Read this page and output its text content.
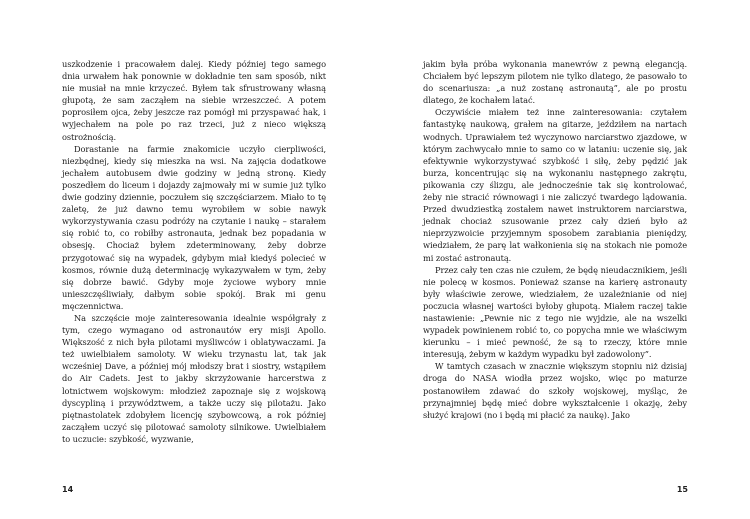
uszkodzenie i pracowałem dalej. Kiedy później tego samego dnia urwałem hak ponownie w dokładnie ten sam sposób, nikt nie musiał na mnie krzyczeć. Byłem tak sfrustrowany własną głupotą, że sam zacząłem na siebie wrzeszczeć. A potem poprosiłem ojca, żeby jeszcze raz pomógł mi przyspawać hak, i wyjechałem na pole po raz trzeci, już z nieco większą ostrożnością.

Dorastanie na farmie znakomicie uczyło cierpliwości, niezbędnej, kiedy się mieszka na wsi. Na zajęcia dodatkowe jechałem autobusem dwie godziny w jedną stronę. Kiedy poszedłem do liceum i dojazdy zajmowały mi w sumie już tylko dwie godziny dziennie, poczułem się szczęściarzem. Miało to tę zaletę, że już dawno temu wyrobiłem w sobie nawyk wykorzystywania czasu podróży na czytanie i naukę – starałem się robić to, co robiłby astronauta, jednak bez popadania w obsesję. Chociaż byłem zdeterminowany, żeby dobrze przygotować się na wypadek, gdybym miał kiedyś polecieć w kosmos, równie dużą determinację wykazywałem w tym, żeby się dobrze bawić. Gdyby moje życiowe wybory mnie unieszczęśliwiały, dałbym sobie spokój. Brak mi genu męczennictwa.

Na szczęście moje zainteresowania idealnie współgrały z tym, czego wymagano od astronautów ery misji Apollo. Większość z nich była pilotami myśliwców i oblatywaczami. Ja też uwielbiałem samoloty. W wieku trzynastu lat, tak jak wcześniej Dave, a później mój młodszy brat i siostry, wstąpiłem do Air Cadets. Jest to jakby skrzyżowanie harcerstwa z lotnictwem wojskowym: młodzież zapoznaje się z wojskową dyscypliną i przywództwem, a także uczy się pilotażu. Jako piętnastolatek zdobyłem licencję szybowcową, a rok później zacząłem uczyć się pilotować samoloty silnikowe. Uwielbiałem to uczucie: szybkość, wyzwanie,

14

jakim była próba wykonania manewrów z pewną elegancją. Chciałem być lepszym pilotem nie tylko dlatego, że pasowało to do scenariusza: „a nuż zostanę astronautą”, ale po prostu dlatego, że kochałem latać.

Oczywiście miałem też inne zainteresowania: czytałem fantastykę naukową, grałem na gitarze, jeździłem na nartach wodnych. Uprawiałem też wyczynowo narciarstwo zjazdowe, w którym zachwycało mnie to samo co w lataniu: uczenie się, jak efektywnie wykorzystywać szybkość i siłę, żeby pędzić jak burza, koncentrując się na wykonaniu następnego zakrętu, pikowania czy ślizgu, ale jednocześnie tak się kontrolować, żeby nie stracić równowagi i nie zaliczyć twardego lądowania. Przed dwudziestką zostałem nawet instruktorem narciarstwa, jednak chociaż szusowanie przez cały dzień było aż nieprzyzwoicie przyjemnym sposobem zarabiania pieniędzy, wiedziałem, że parę lat wałkonienia się na stokach nie pomoże mi zostać astronautą.

Przez cały ten czas nie czułem, że będę nieudacznikiem, jeśli nie polecę w kosmos. Ponieważ szanse na karierę astronauty były właściwie zerowe, wiedziałem, że uzależnianie od niej poczucia własnej wartości byłoby głupotą. Miałem raczej takie nastawienie: „Pewnie nic z tego nie wyjdzie, ale na wszelki wypadek powinienem robić to, co popycha mnie we właściwym kierunku – i mieć pewność, że są to rzeczy, które mnie interesują, żebym w każdym wypadku był zadowolony”.

W tamtych czasach w znacznie większym stopniu niż dzisiaj droga do NASA wiodła przez wojsko, więc po maturze postanowiłem zdawać do szkoły wojskowej, myśląc, że przynajmniej będę mieć dobre wykształcenie i okazję, żeby służyć krajowi (no i będą mi płacić za naukę). Jako

15
